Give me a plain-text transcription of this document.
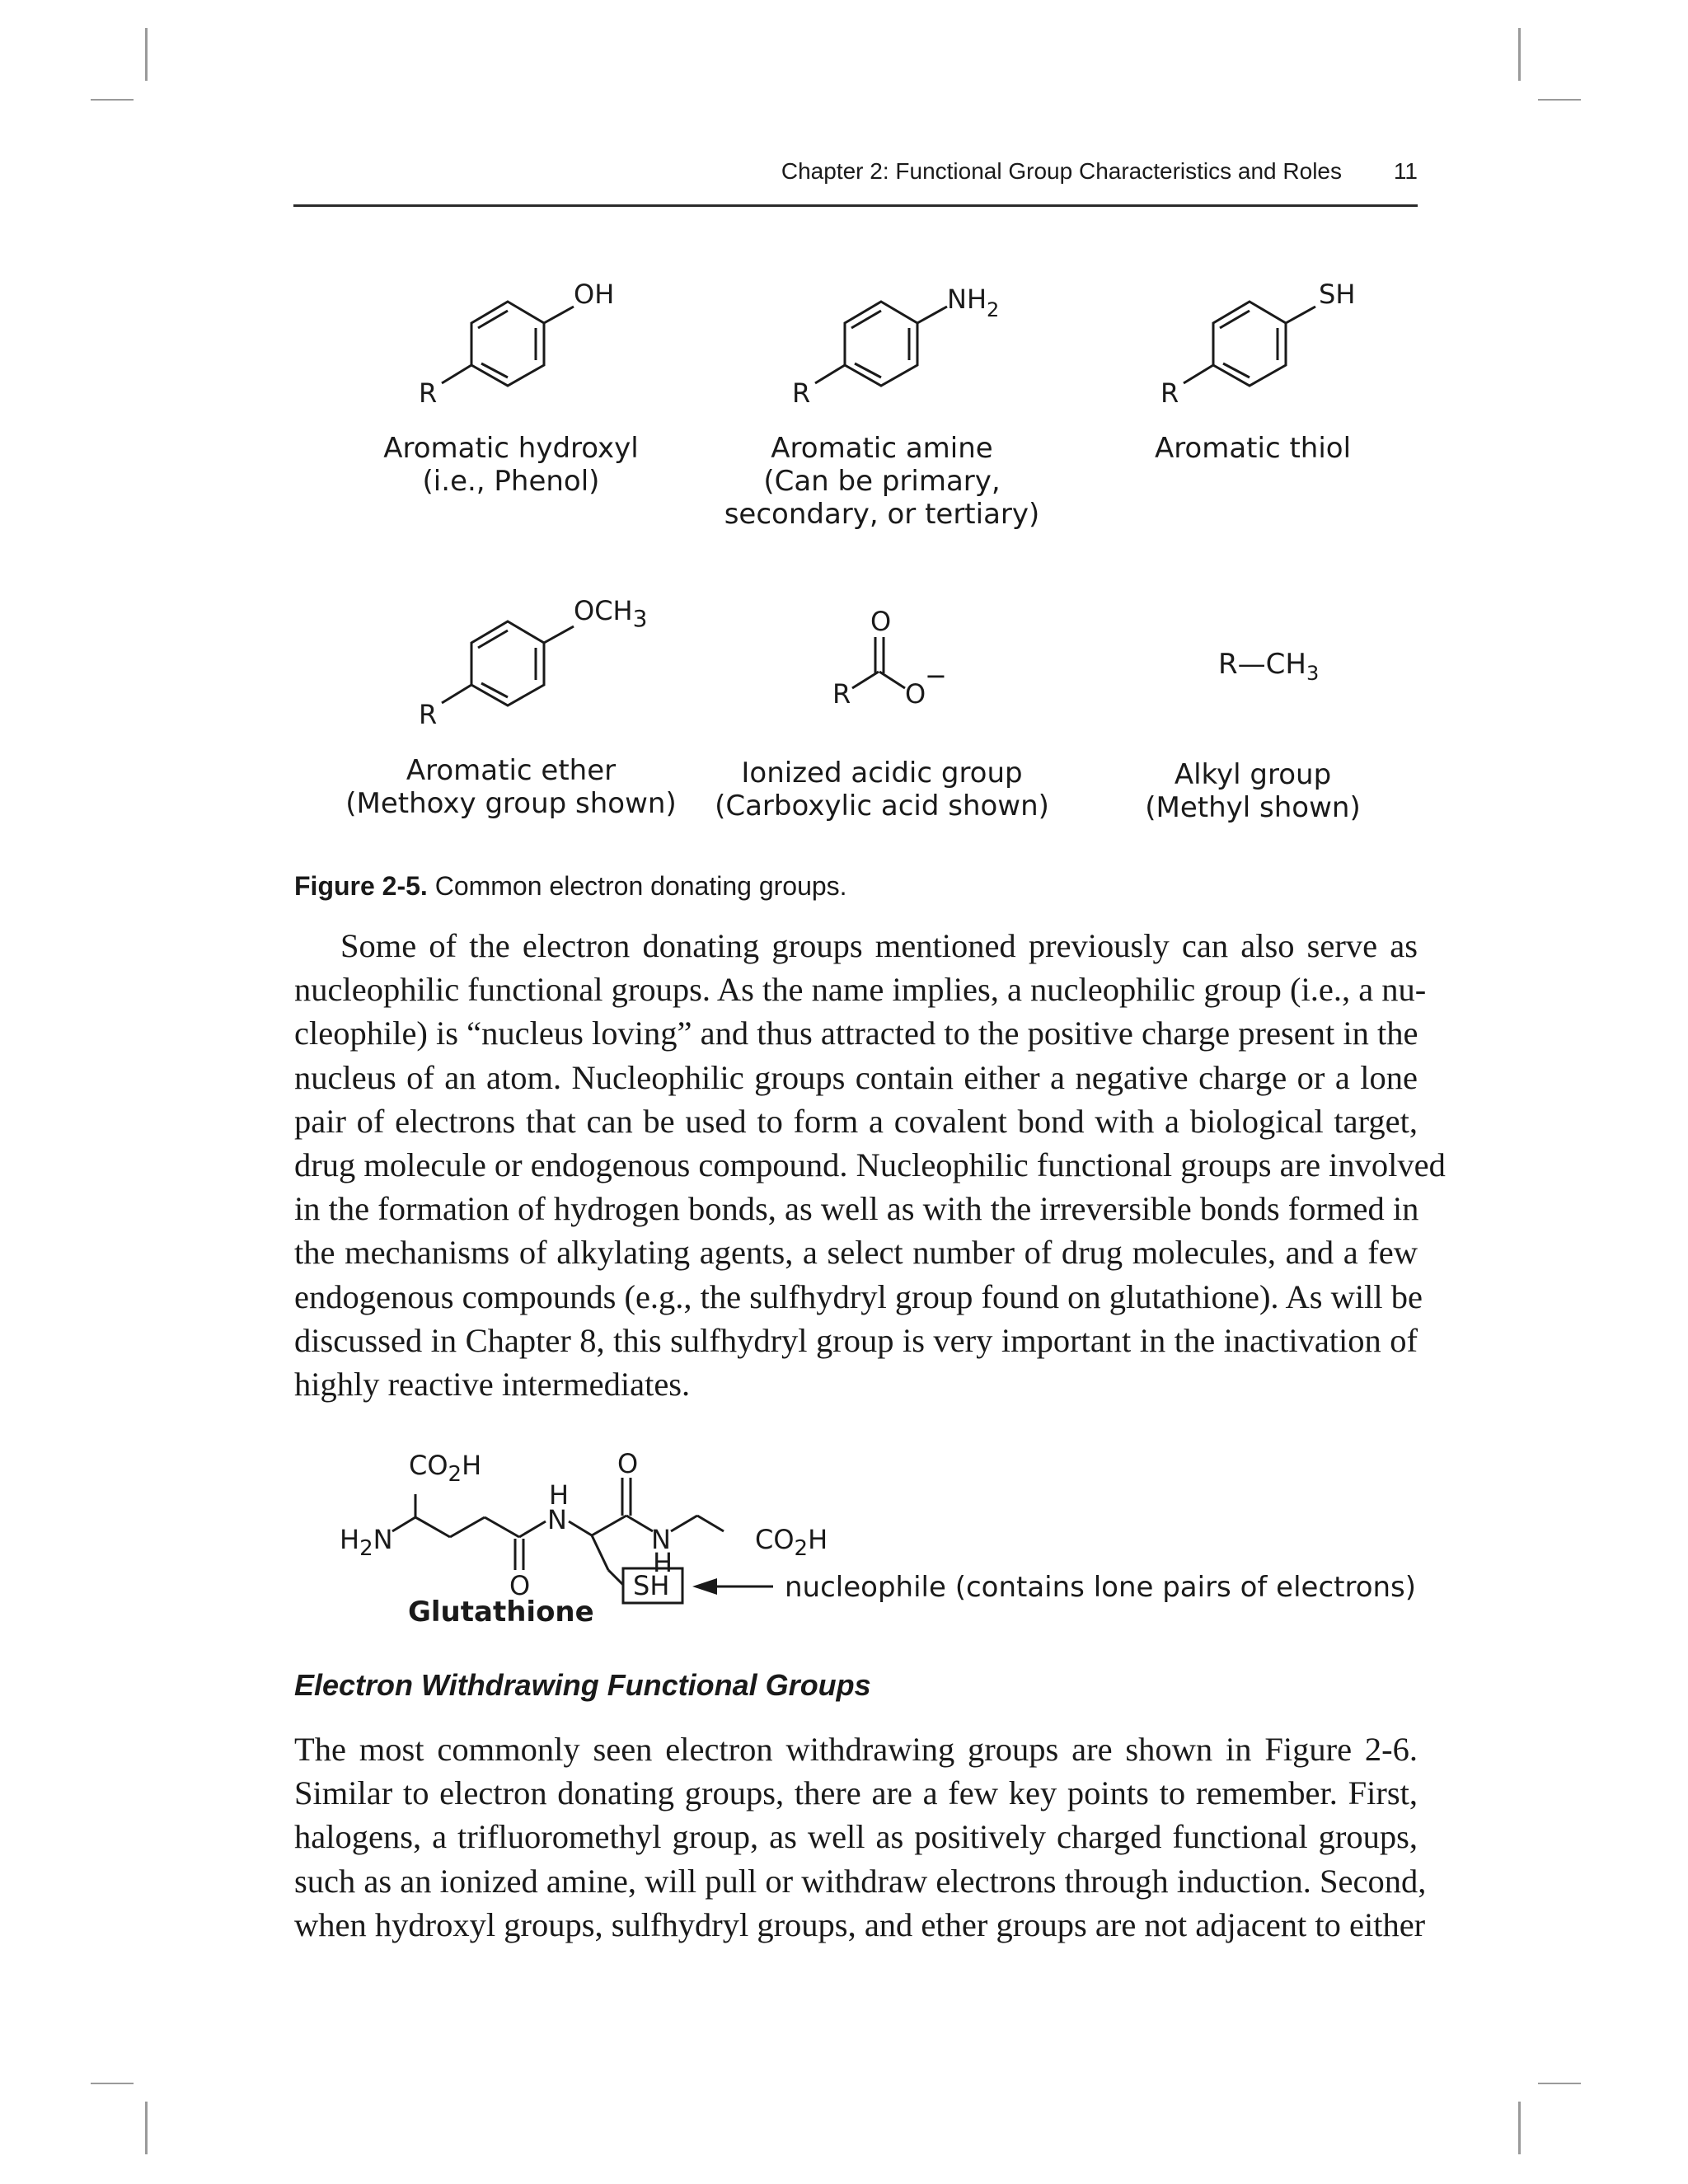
Chapter 2: Functional Group Characteristics and Roles 11
R
OH
R
$NH_2$
R
SH
R
OCH3	O
R O
−	$R—CH_3$
Aromatic hydroxyl
(i.e., Phenol)
Aromatic amine
(Can be primary,
secondary, or tertiary)
Aromatic thiol
Aromatic ether
(Methoxy group shown)
Ionized acidic group
(Carboxylic acid shown)
Alkyl group
(Methyl shown)
Figure 2-5. Common electron donating groups.
Some of the electron donating groups mentioned previously can also serve as
nucleophilic functional groups. As the name implies, a nucleophilic group (i.e., a nu-
cleophile) is “nucleus loving” and thus attracted to the positive charge present in the
nucleus of an atom. Nucleophilic groups contain either a negative charge or a lone
pair of electrons that can be used to form a covalent bond with a biological target,
drug molecule or endogenous compound. Nucleophilic functional groups are involved
in the formation of hydrogen bonds, as well as with the irreversible bonds formed in
the mechanisms of alkylating agents, a select number of drug molecules, and a few
endogenous compounds (e.g., the sulfhydryl group found on glutathione). As will be
discussed in Chapter 8, this sulfhydryl group is very important in the inactivation of
highly reactive intermediates.
$CO_2H$
$H_2N$
H
N
O
O
N
H
$CO_2H$
SH	nucleophile (contains lone pairs of electrons)
Glutathione
Electron Withdrawing Functional Groups
The most commonly seen electron withdrawing groups are shown in Figure 2-6.
Similar to electron donating groups, there are a few key points to remember. First,
halogens, a trifluoromethyl group, as well as positively charged functional groups,
such as an ionized amine, will pull or withdraw electrons through induction. Second,
when hydroxyl groups, sulfhydryl groups, and ether groups are not adjacent to either
